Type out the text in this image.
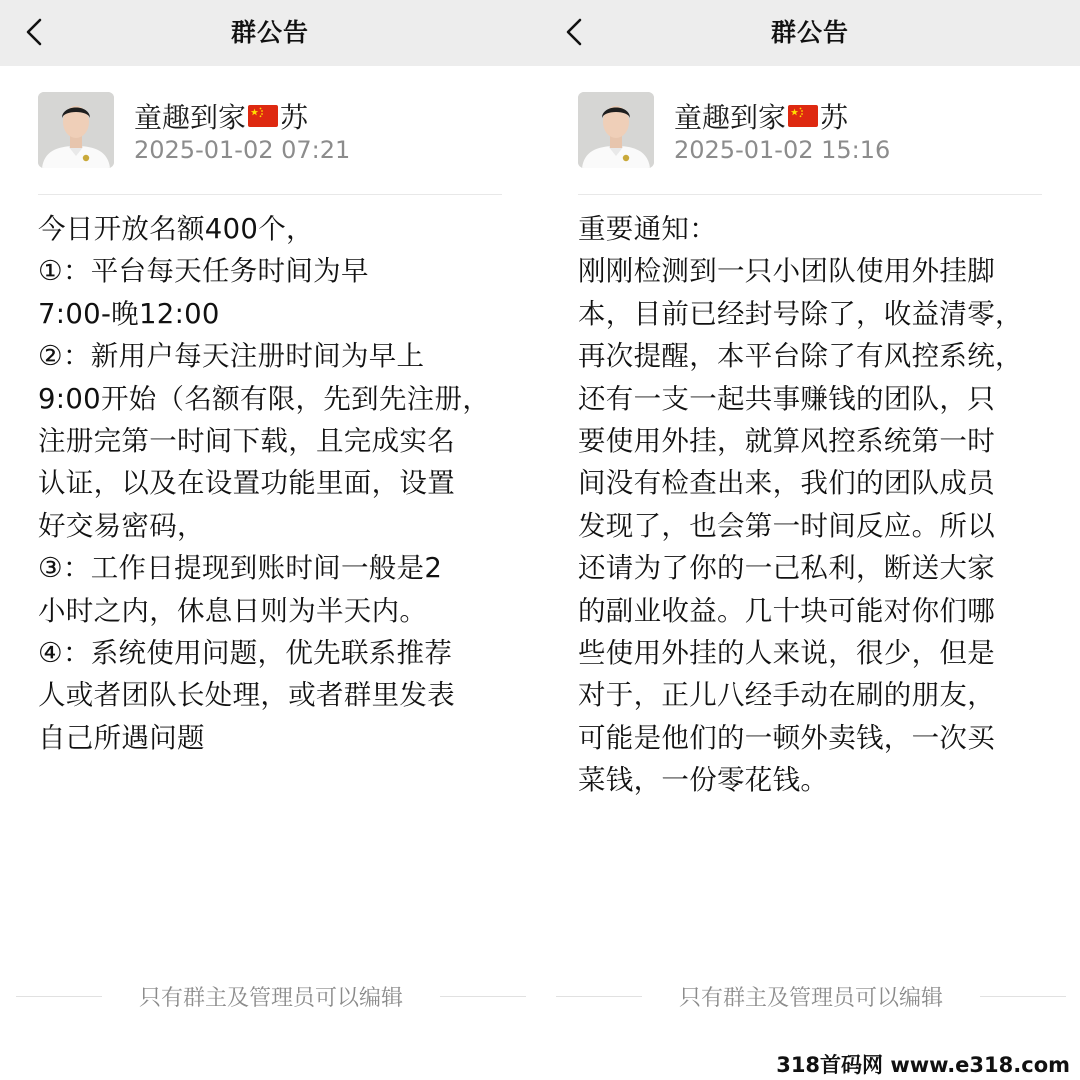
群公告
童趣到家 苏
2025-01-02 07:21
今日开放名额400个，
①：平台每天任务时间为早
7:00-晚12:00
②：新用户每天注册时间为早上
9:00开始（名额有限，先到先注册，
注册完第一时间下载，且完成实名
认证，以及在设置功能里面，设置
好交易密码，
③：工作日提现到账时间一般是2
小时之内，休息日则为半天内。
④：系统使用问题，优先联系推荐
人或者团队长处理，或者群里发表
自己所遇问题
只有群主及管理员可以编辑
群公告
童趣到家 苏
2025-01-02 15:16
重要通知：
刚刚检测到一只小团队使用外挂脚
本，目前已经封号除了，收益清零，
再次提醒，本平台除了有风控系统，
还有一支一起共事赚钱的团队，只
要使用外挂，就算风控系统第一时
间没有检查出来，我们的团队成员
发现了，也会第一时间反应。所以
还请为了你的一己私利，断送大家
的副业收益。几十块可能对你们哪
些使用外挂的人来说，很少，但是
对于，正儿八经手动在刷的朋友，
可能是他们的一顿外卖钱，一次买
菜钱，一份零花钱。
只有群主及管理员可以编辑
318首码网 www.e318.com
